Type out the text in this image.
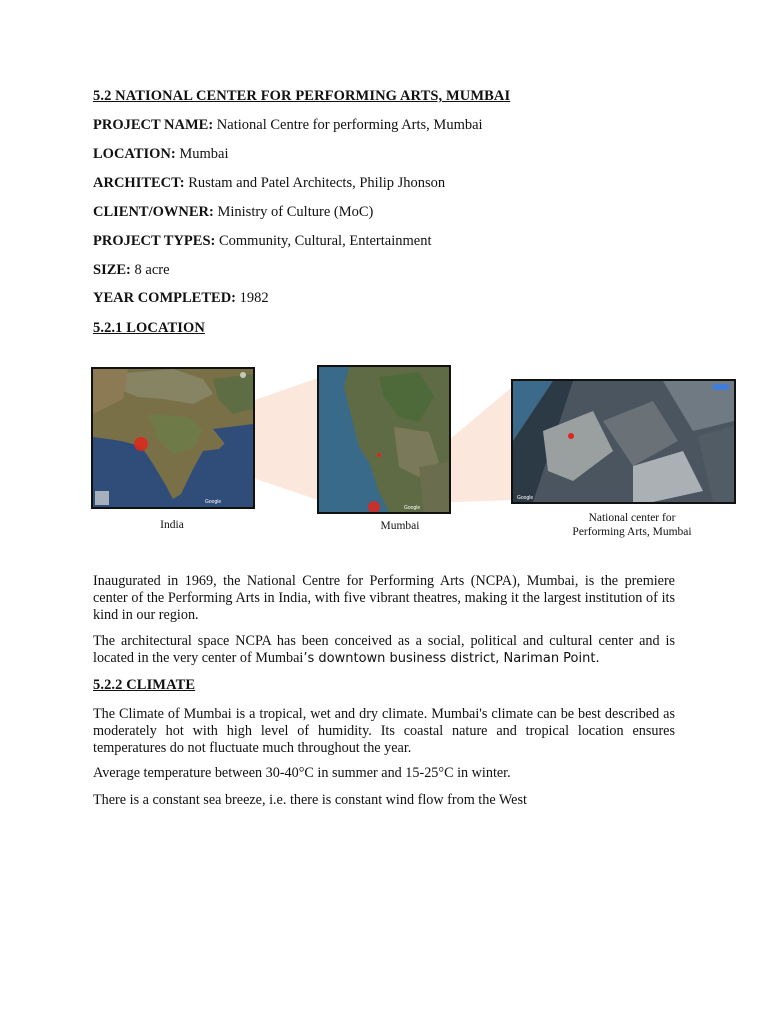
5.2 NATIONAL CENTER FOR PERFORMING ARTS, MUMBAI
PROJECT NAME: National Centre for performing Arts, Mumbai
LOCATION: Mumbai
ARCHITECT: Rustam and Patel Architects, Philip Jhonson
CLIENT/OWNER: Ministry of Culture (MoC)
PROJECT TYPES: Community, Cultural, Entertainment
SIZE: 8 acre
YEAR COMPLETED: 1982
5.2.1 LOCATION
Google
Google
Google
India	Mumbai
National center for
Performing Arts, Mumbai
Inaugurated in 1969, the National Centre for Performing Arts (NCPA), Mumbai, is the premiere center of the Performing Arts in India, with five vibrant theatres, making it the largest institution of its kind in our region.
The architectural space NCPA has been conceived as a social, political and cultural center and is located in the very center of Mumbai’s downtown business district, Nariman Point.
5.2.2 CLIMATE
The Climate of Mumbai is a tropical, wet and dry climate. Mumbai's climate can be best described as moderately hot with high level of humidity. Its coastal nature and tropical location ensures temperatures do not fluctuate much throughout the year.
Average temperature between 30-40°C in summer and 15-25°C in winter.
There is a constant sea breeze, i.e. there is constant wind flow from the West
